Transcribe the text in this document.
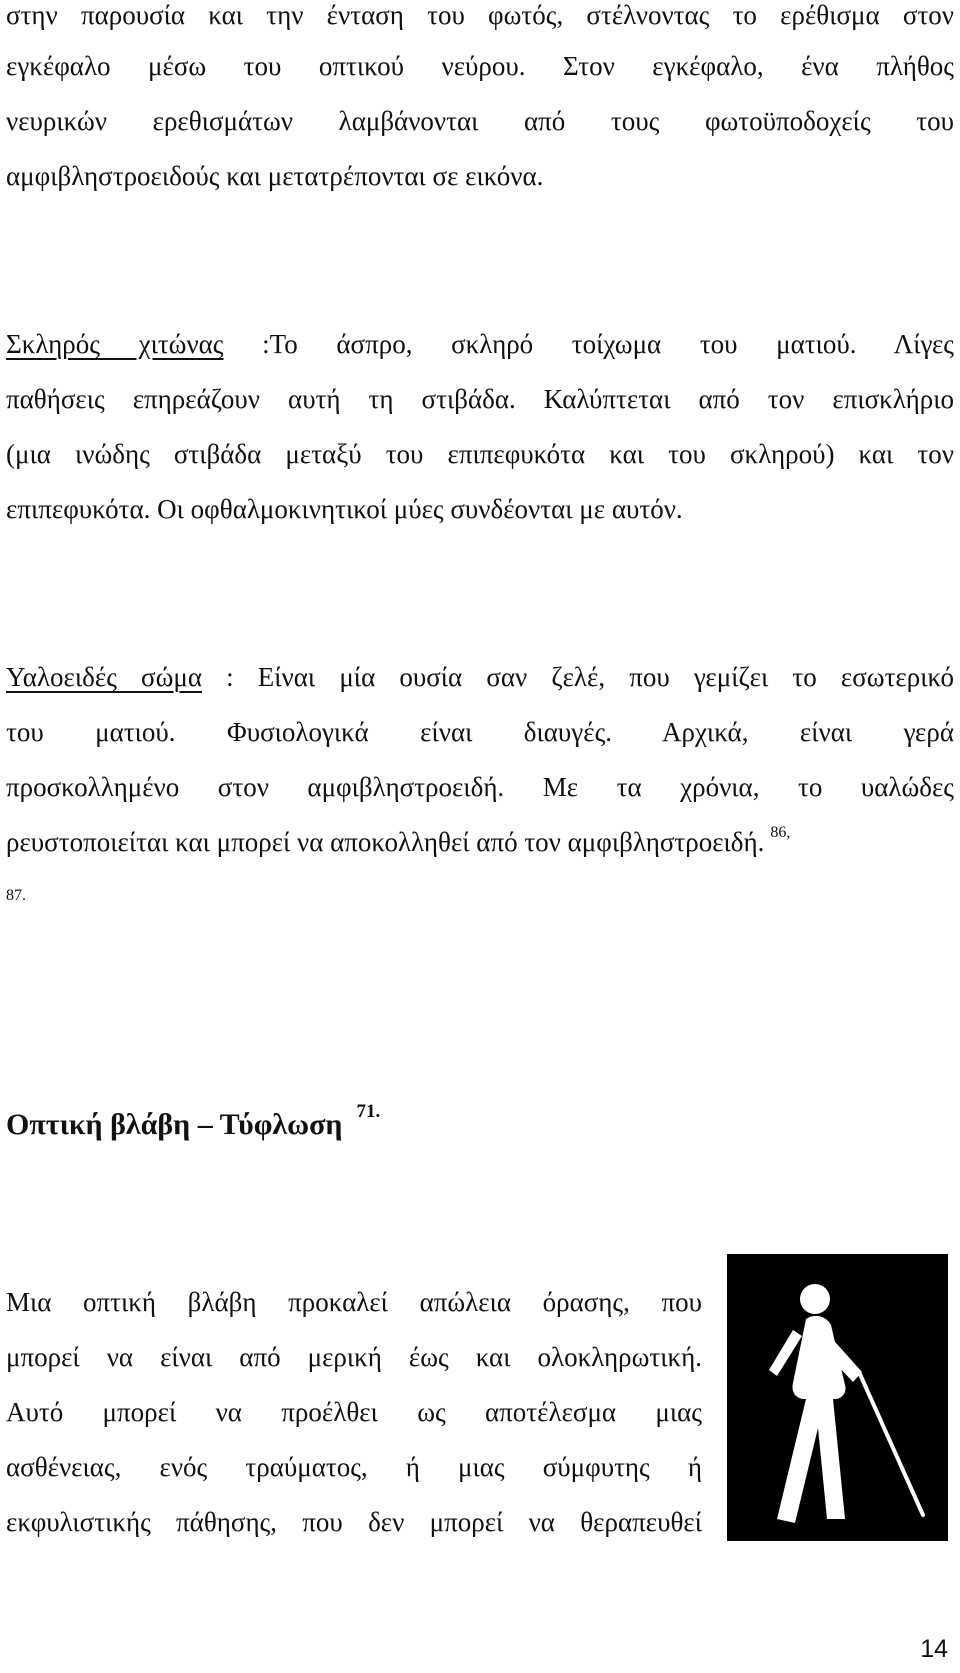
στην παρουσία και την ένταση του φωτός, στέλνοντας το ερέθισμα στον

εγκέφαλο μέσω του οπτικού νεύρου. Στον εγκέφαλο, ένα πλήθος

νευρικών ερεθισμάτων λαμβάνονται από τους φωτοϋποδοχείς του

αμφιβληστροειδούς και μετατρέπονται σε εικόνα.

Σκληρός χιτώνας :Το άσπρο, σκληρό τοίχωμα του ματιού. Λίγες

παθήσεις επηρεάζουν αυτή τη στιβάδα. Καλύπτεται από τον επισκλήριο

(μια ινώδης στιβάδα μεταξύ του επιπεφυκότα και του σκληρού) και τον

επιπεφυκότα. Οι οφθαλμοκινητικοί μύες συνδέονται με αυτόν.

Υαλοειδές σώμα : Είναι μία ουσία σαν ζελέ, που γεμίζει το εσωτερικό

του ματιού. Φυσιολογικά είναι διαυγές. Αρχικά, είναι γερά

προσκολλημένο στον αμφιβληστροειδή. Με τα χρόνια, το υαλώδες

ρευστοποιείται και μπορεί να αποκολληθεί από τον αμφιβληστροειδή. $^{86,}$

87.

Οπτική βλάβη – Τύφλωση $^{71.}$

Μια οπτική βλάβη προκαλεί απώλεια όρασης, που

μπορεί να είναι από μερική έως και ολοκληρωτική.

Αυτό μπορεί να προέλθει ως αποτέλεσμα μιας

ασθένειας, ενός τραύματος, ή μιας σύμφυτης ή

εκφυλιστικής πάθησης, που δεν μπορεί να θεραπευθεί

14
